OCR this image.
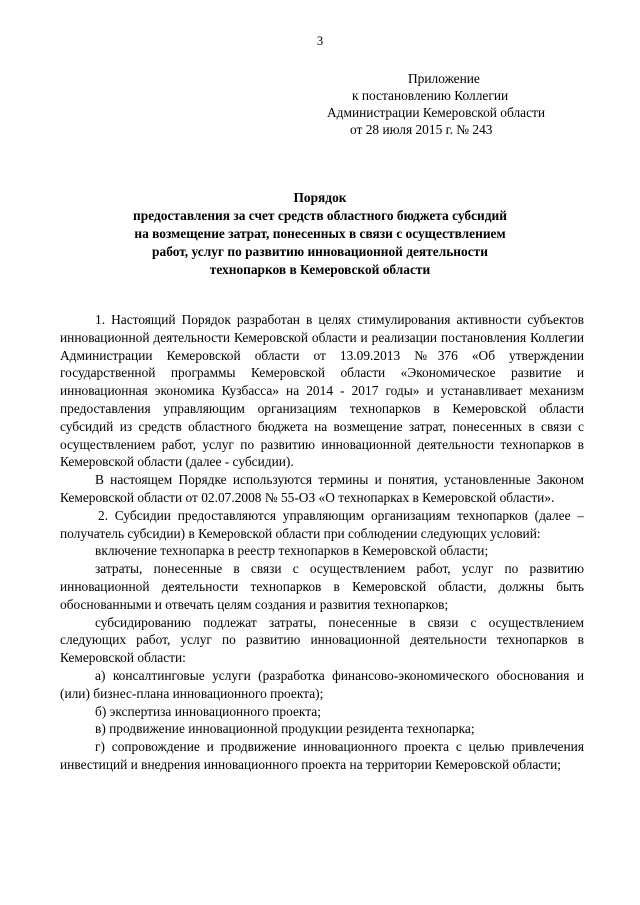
3
Приложение
к постановлению Коллегии
Администрации Кемеровской области
от 28 июля 2015 г. № 243
Порядок
предоставления за счет средств областного бюджета субсидий
на возмещение затрат, понесенных в связи с осуществлением
работ, услуг по развитию инновационной деятельности
технопарков в Кемеровской области

1. Настоящий Порядок разработан в целях стимулирования активности субъектов инновационной деятельности Кемеровской области и реализации постановления Коллегии Администрации Кемеровской области от 13.09.2013 №376 «Об утверждении государственной программы Кемеровской области «Экономическое развитие и инновационная экономика Кузбасса» на 2014 - 2017 годы» и устанавливает механизм предоставления управляющим организациям технопарков в Кемеровской области субсидий из средств областного бюджета на возмещение затрат, понесенных в связи с осуществлением работ, услуг по развитию инновационной деятельности технопарков в Кемеровской области (далее - субсидии).

В настоящем Порядке используются термины и понятия, установленные Законом Кемеровской области от 02.07.2008 № 55-ОЗ «О технопарках в Кемеровской области».

2. Субсидии предоставляются управляющим организациям технопарков (далее – получатель субсидии) в Кемеровской области при соблюдении следующих условий:

включение технопарка в реестр технопарков в Кемеровской области;

затраты, понесенные в связи с осуществлением работ, услуг по развитию инновационной деятельности технопарков в Кемеровской области, должны быть обоснованными и отвечать целям создания и развития технопарков;

субсидированию подлежат затраты, понесенные в связи с осуществлением следующих работ, услуг по развитию инновационной деятельности технопарков в Кемеровской области:

а) консалтинговые услуги (разработка финансово-экономического обоснования и (или) бизнес-плана инновационного проекта);

б) экспертиза инновационного проекта;

в) продвижение инновационной продукции резидента технопарка;

г) сопровождение и продвижение инновационного проекта с целью привлечения инвестиций и внедрения инновационного проекта на территории Кемеровской области;
